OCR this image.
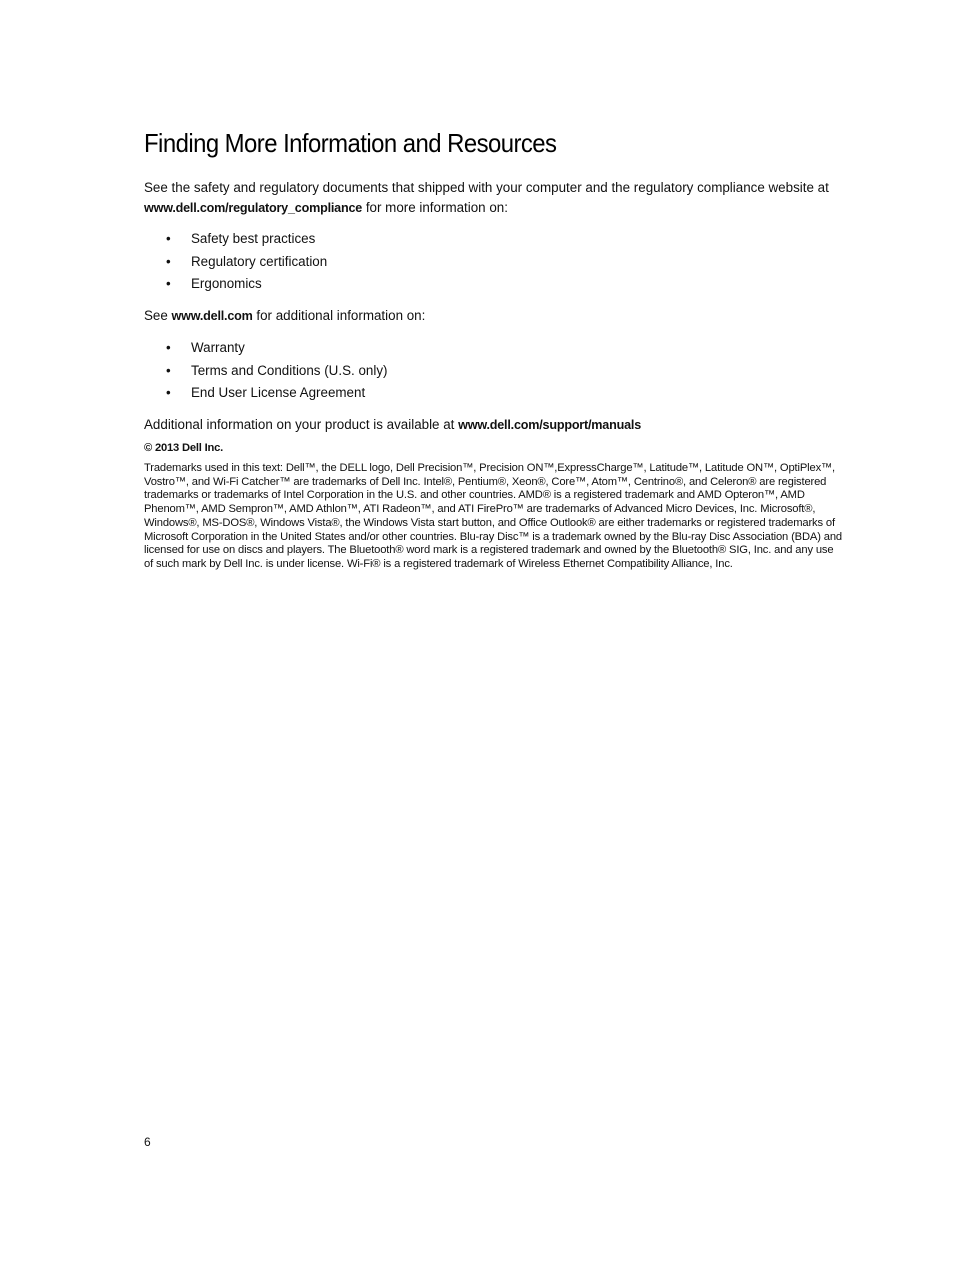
Finding More Information and Resources

See the safety and regulatory documents that shipped with your computer and the regulatory compliance website at
www.dell.com/regulatory_compliance for more information on:

• Safety best practices
• Regulatory certification
• Ergonomics

See www.dell.com for additional information on:

• Warranty
• Terms and Conditions (U.S. only)
• End User License Agreement

Additional information on your product is available at www.dell.com/support/manuals

© 2013 Dell Inc.

Trademarks used in this text: Dell™, the DELL logo, Dell Precision™, Precision ON™,ExpressCharge™, Latitude™, Latitude ON™, OptiPlex™, Vostro™, and Wi-Fi Catcher™ are trademarks of Dell Inc. Intel®, Pentium®, Xeon®, Core™, Atom™, Centrino®, and Celeron® are registered trademarks or trademarks of Intel Corporation in the U.S. and other countries. AMD® is a registered trademark and AMD Opteron™, AMD Phenom™, AMD Sempron™, AMD Athlon™, ATI Radeon™, and ATI FirePro™ are trademarks of Advanced Micro Devices, Inc. Microsoft®, Windows®, MS-DOS®, Windows Vista®, the Windows Vista start button, and Office Outlook® are either trademarks or registered trademarks of Microsoft Corporation in the United States and/or other countries. Blu-ray Disc™ is a trademark owned by the Blu-ray Disc Association (BDA) and licensed for use on discs and players. The Bluetooth® word mark is a registered trademark and owned by the Bluetooth® SIG, Inc. and any use of such mark by Dell Inc. is under license. Wi-Fi® is a registered trademark of Wireless Ethernet Compatibility Alliance, Inc.

6
